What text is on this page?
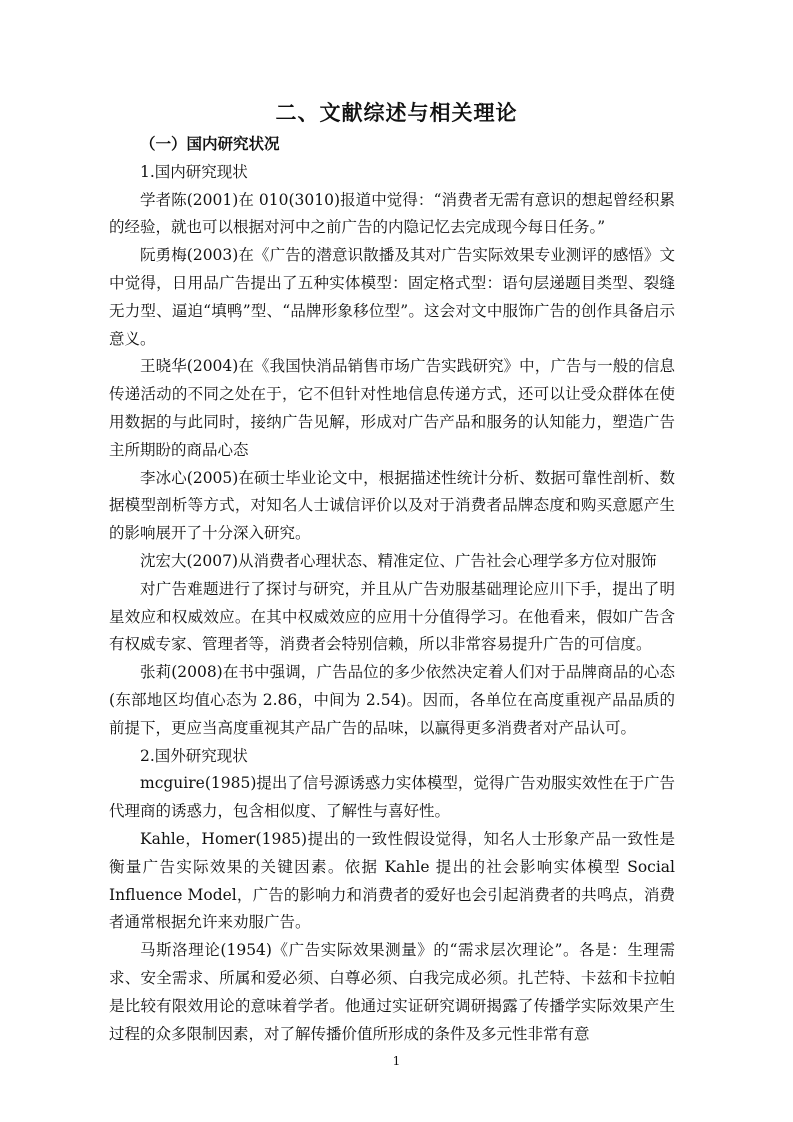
二、文献综述与相关理论

（一）国内研究状况

1.国内研究现状

学者陈(2001)在 010(3010)报道中觉得：“消费者无需有意识的想起曾经积累的经验，就也可以根据对河中之前广告的内隐记忆去完成现今每日任务。”

阮勇梅(2003)在《广告的潜意识散播及其对广告实际效果专业测评的感悟》文中觉得，日用品广告提出了五种实体模型：固定格式型：语句层递题目类型、裂缝无力型、逼迫“填鸭”型、“品牌形象移位型”。这会对文中服饰广告的创作具备启示意义。

王晓华(2004)在《我国快消品销售市场广告实践研究》中，广告与一般的信息传递活动的不同之处在于，它不但针对性地信息传递方式，还可以让受众群体在使用数据的与此同时，接纳广告见解，形成对广告产品和服务的认知能力，塑造广告主所期盼的商品心态

李冰心(2005)在硕士毕业论文中，根据描述性统计分析、数据可靠性剖析、数据模型剖析等方式，对知名人士诚信评价以及对于消费者品牌态度和购买意愿产生的影响展开了十分深入研究。

沈宏大(2007)从消费者心理状态、精准定位、广告社会心理学多方位对服饰

对广告难题进行了探讨与研究，并且从广告劝服基础理论应川下手，提出了明星效应和权威效应。在其中权威效应的应用十分值得学习。在他看来，假如广告含有权威专家、管理者等，消费者会特别信赖，所以非常容易提升广告的可信度。

张莉(2008)在书中强调，广告品位的多少依然决定着人们对于品牌商品的心态(东部地区均值心态为 2.86，中间为 2.54)。因而，各单位在高度重视产品品质的前提下，更应当高度重视其产品广告的品味，以赢得更多消费者对产品认可。

2.国外研究现状

mcguire(1985)提出了信号源诱惑力实体模型，觉得广告劝服实效性在于广告代理商的诱惑力，包含相似度、了解性与喜好性。

Kahle，Homer(1985)提出的一致性假设觉得，知名人士形象产品一致性是衡量广告实际效果的关键因素。依据 Kahle 提出的社会影响实体模型 Social Influence Model，广告的影响力和消费者的爱好也会引起消费者的共鸣点，消费者通常根据允许来劝服广告。

马斯洛理论(1954)《广告实际效果测量》的“需求层次理论”。各是：生理需求、安全需求、所属和爱必须、白尊必须、白我完成必须。扎芒特、卡兹和卡拉帕是比较有限效用论的意味着学者。他通过实证研究调研揭露了传播学实际效果产生过程的众多限制因素，对了解传播价值所形成的条件及多元性非常有意

1
